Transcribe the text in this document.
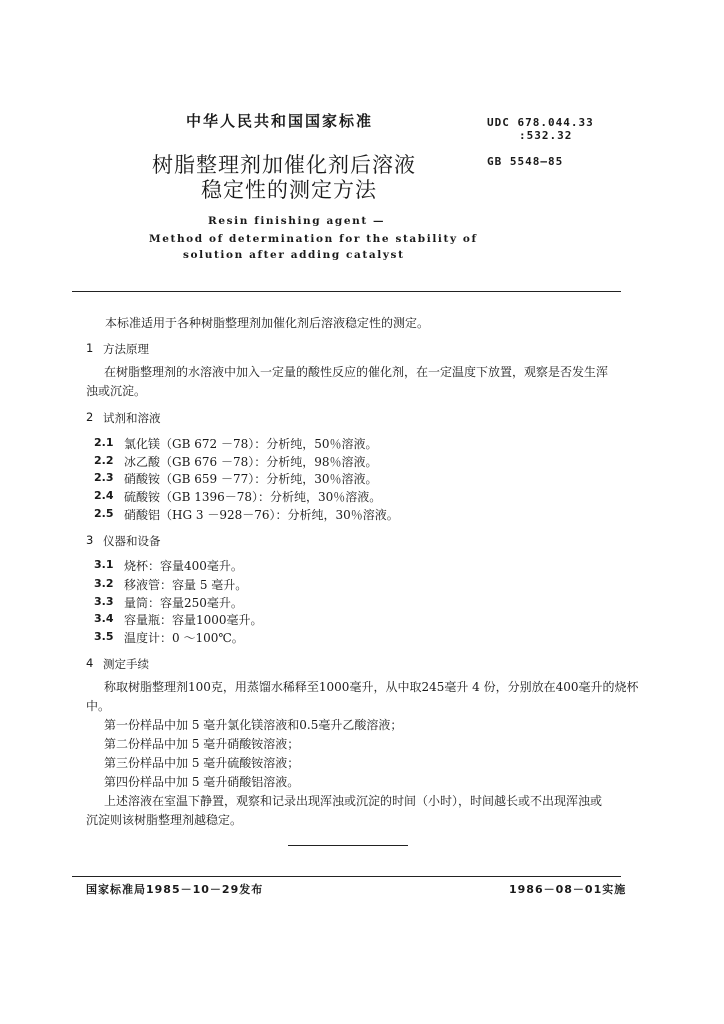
中华人民共和国国家标准	UDC 678.044.33
:532.32
GB 5548—85
树脂整理剂加催化剂后溶液
稳定性的测定方法
Resin finishing agent —
Method of determination for the stability of
solution after adding catalyst
本标准适用于各种树脂整理剂加催化剂后溶液稳定性的测定。
1 方法原理
在树脂整理剂的水溶液中加入一定量的酸性反应的催化剂，在一定温度下放置，观察是否发生浑
浊或沉淀。
2 试剂和溶液
2.1 氯化镁（GB 672 －78）：分析纯，50％溶液。
2.2 冰乙酸（GB 676 －78）：分析纯，98％溶液。
2.3 硝酸铵（GB 659 －77）：分析纯，30％溶液。
2.4 硫酸铵（GB 1396－78）：分析纯，30％溶液。
2.5 硝酸铝（HG 3 －928－76）：分析纯，30％溶液。
3 仪器和设备
3.1 烧杯：容量400毫升。
3.2 移液管：容量 5 毫升。
3.3 量筒：容量250毫升。
3.4 容量瓶：容量1000毫升。
3.5 温度计：0 ～100℃。
4 测定手续
称取树脂整理剂100克，用蒸馏水稀释至1000毫升，从中取245毫升 4 份，分别放在400毫升的烧杯
中。
第一份样品中加 5 毫升氯化镁溶液和0.5毫升乙酸溶液；
第二份样品中加 5 毫升硝酸铵溶液；
第三份样品中加 5 毫升硫酸铵溶液；
第四份样品中加 5 毫升硝酸铝溶液。
上述溶液在室温下静置，观察和记录出现浑浊或沉淀的时间（小时），时间越长或不出现浑浊或
沉淀则该树脂整理剂越稳定。
国家标准局1985－10－29发布	1986－08－01实施
